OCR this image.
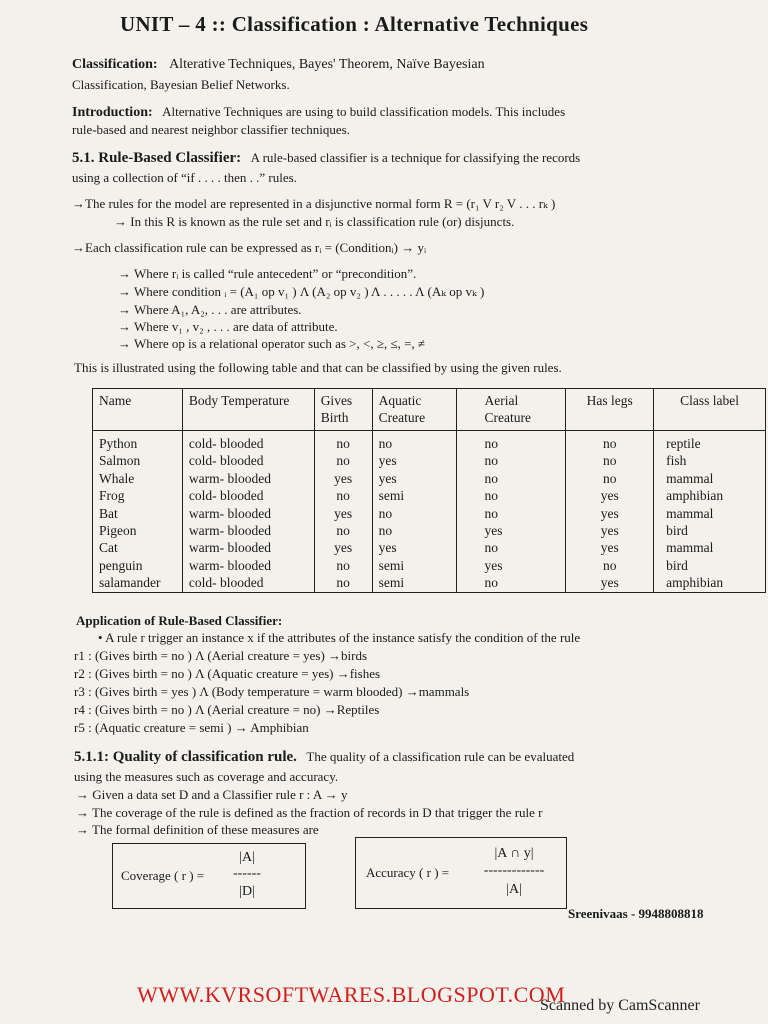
UNIT – 4 :: Classification : Alternative Techniques
Classification: Alterative Techniques, Bayes' Theorem, Naïve Bayesian
Classification, Bayesian Belief Networks.
Introduction: Alternative Techniques are using to build classification models. This includes
rule-based and nearest neighbor classifier techniques.
5.1. Rule-Based Classifier: A rule-based classifier is a technique for classifying the records
using a collection of “if . . . . then . .” rules.
→The rules for the model are represented in a disjunctive normal form R = (r₁ V r₂ V . . . rₖ )
→ In this R is known as the rule set and rᵢ is classification rule (or) disjuncts.
→Each classification rule can be expressed as rᵢ = (Conditionᵢ) → yᵢ
→ Where rᵢ is called “rule antecedent” or “precondition”.
→ Where condition ᵢ = (A₁ op v₁ ) Λ (A₂ op v₂ ) Λ . . . . . Λ (Aₖ op vₖ )
→ Where A₁, A₂, . . . are attributes.
→ Where v₁ , v₂ , . . . are data of attribute.
→ Where op is a relational operator such as >, <, ≥, ≤, =, ≠
This is illustrated using the following table and that can be classified by using the given rules.
Name	Body Temperature	Gives Birth	Aquatic Creature	Aerial Creature	Has legs	Class label
Python	cold- blooded	no	no	no	no	reptile
Salmon	cold- blooded	no	yes	no	no	fish
Whale	warm- blooded	yes	yes	no	no	mammal
Frog	cold- blooded	no	semi	no	yes	amphibian
Bat	warm- blooded	yes	no	no	yes	mammal
Pigeon	warm- blooded	no	no	yes	yes	bird
Cat	warm- blooded	yes	yes	no	yes	mammal
penguin	warm- blooded	no	semi	yes	no	bird
salamander	cold- blooded	no	semi	no	yes	amphibian
Application of Rule-Based Classifier:
• A rule r trigger an instance x if the attributes of the instance satisfy the condition of the rule
r1 : (Gives birth = no ) Λ (Aerial creature = yes) →birds
r2 : (Gives birth = no ) Λ (Aquatic creature = yes) →fishes
r3 : (Gives birth = yes ) Λ (Body temperature = warm blooded) →mammals
r4 : (Gives birth = no ) Λ (Aerial creature = no) →Reptiles
r5 : (Aquatic creature = semi ) → Amphibian
5.1.1: Quality of classification rule. The quality of a classification rule can be evaluated
using the measures such as coverage and accuracy.
→ Given a data set D and a Classifier rule r : A → y
→ The coverage of the rule is defined as the fraction of records in D that trigger the rule r
→ The formal definition of these measures are
Coverage ( r ) =
|A|
------
|D|
Accuracy ( r ) =
|A ∩ y|
-------------
|A|
Sreenivaas - 9948808818
WWW.KVRSOFTWARES.BLOGSPOT.COM
Scanned by CamScanner
